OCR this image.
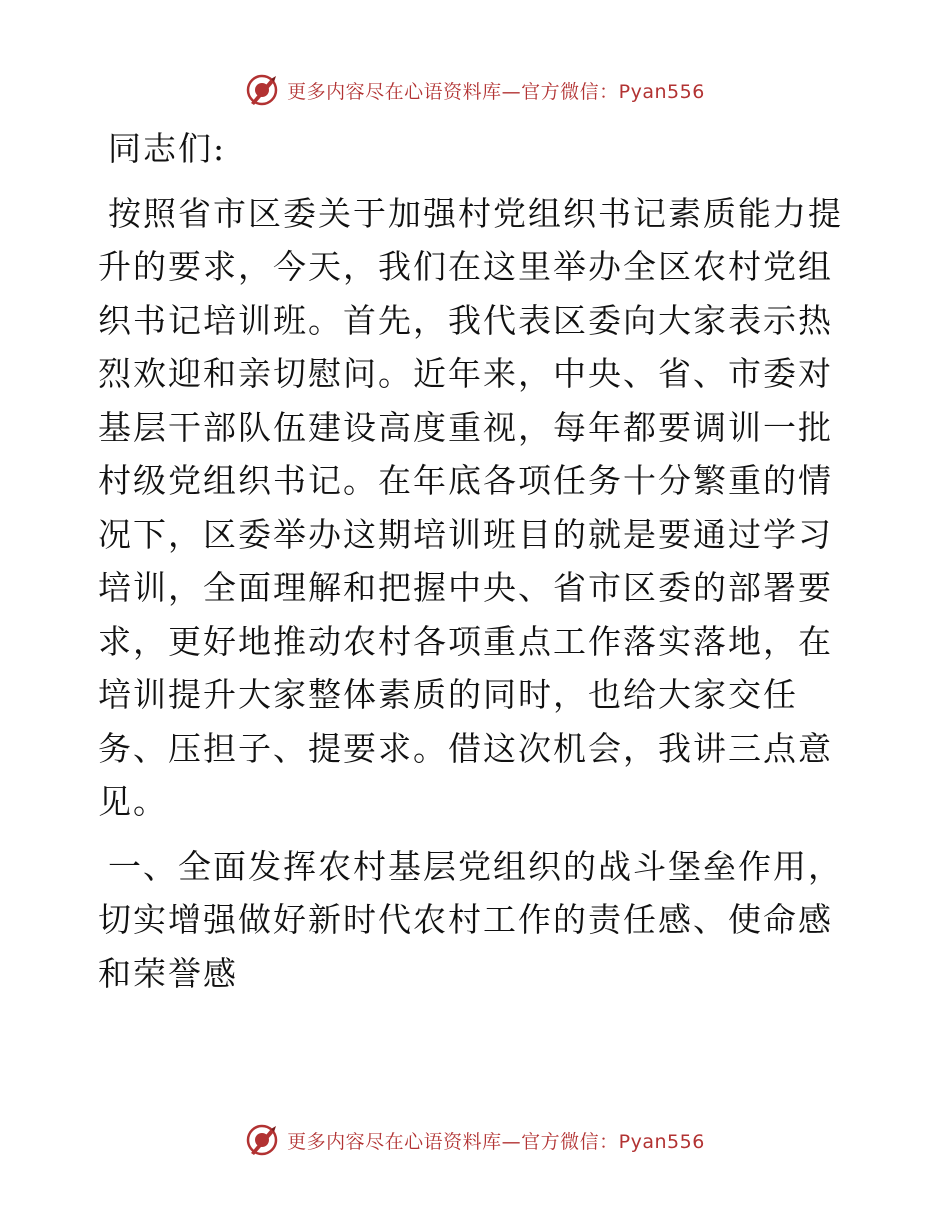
更多内容尽在心语资料库—官方微信：Pyan556

同志们:

按照省市区委关于加强村党组织书记素质能力提升的要求，今天，我们在这里举办全区农村党组织书记培训班。首先，我代表区委向大家表示热烈欢迎和亲切慰问。近年来，中央、省、市委对基层干部队伍建设高度重视，每年都要调训一批村级党组织书记。在年底各项任务十分繁重的情况下，区委举办这期培训班目的就是要通过学习培训，全面理解和把握中央、省市区委的部署要求，更好地推动农村各项重点工作落实落地，在培训提升大家整体素质的同时，也给大家交任务、压担子、提要求。借这次机会，我讲三点意见。

一、全面发挥农村基层党组织的战斗堡垒作用，切实增强做好新时代农村工作的责任感、使命感和荣誉感

更多内容尽在心语资料库—官方微信：Pyan556
